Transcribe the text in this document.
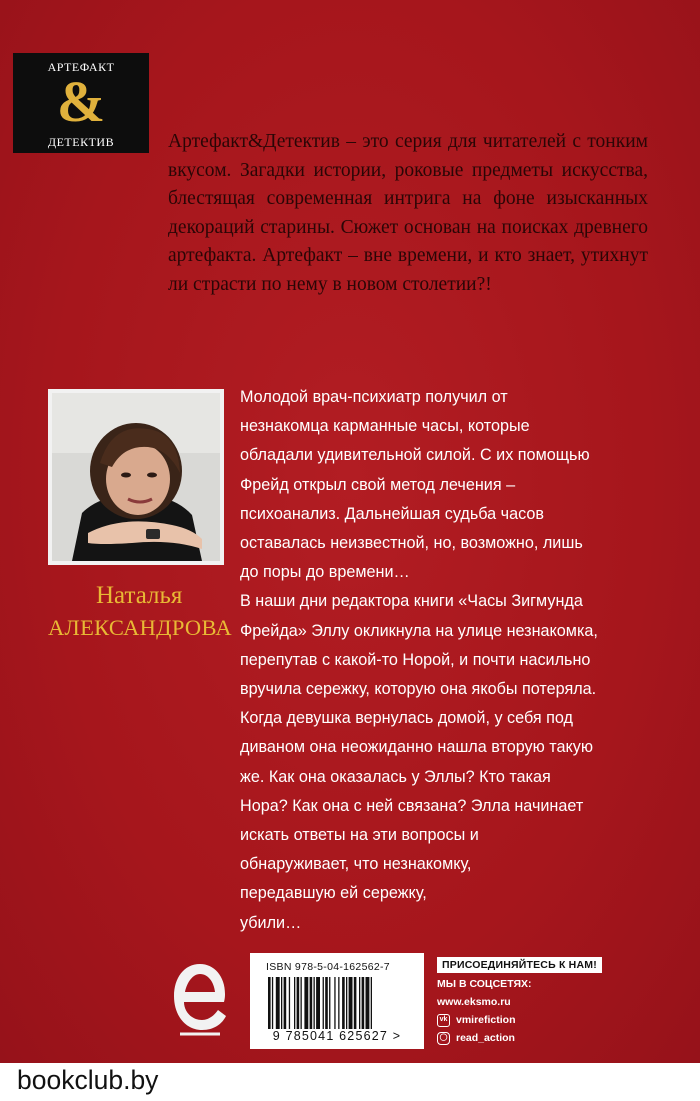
АРТЕФАКТ
&
ДЕТЕКТИВ	Артефакт&Детектив – это серия для читателей с тонким вкусом. Загадки истории, роковые предметы искусства, блестящая современная интрига на фоне изысканных декораций старины. Сюжет основан на поисках древнего артефакта. Артефакт – вне времени, и кто знает, утихнут ли страсти по нему в новом столетии?!
Наталья
АЛЕКСАНДРОВА
Молодой врач-психиатр получил от
незнакомца карманные часы, которые
обладали удивительной силой. С их помощью
Фрейд открыл свой метод лечения –
психоанализ. Дальнейшая судьба часов
оставалась неизвестной, но, возможно, лишь
до поры до времени…
В наши дни редактора книги «Часы Зигмунда
Фрейда» Эллу окликнула на улице незнакомка,
перепутав с какой-то Норой, и почти насильно
вручила сережку, которую она якобы потеряла.
Когда девушка вернулась домой, у себя под
диваном она неожиданно нашла вторую такую
же. Как она оказалась у Эллы? Кто такая
Нора? Как она с ней связана? Элла начинает
искать ответы на эти вопросы и
обнаруживает, что незнакомку,
передавшую ей сережку,
убили…
ISBN 978-5-04-162562-7
9 785041 625627 >
ПРИСОЕДИНЯЙТЕСЬ К НАМ!
МЫ В СОЦСЕТЯХ:
www.eksmo.ru
vk vmirefiction
◯ read_action
bookclub.by
